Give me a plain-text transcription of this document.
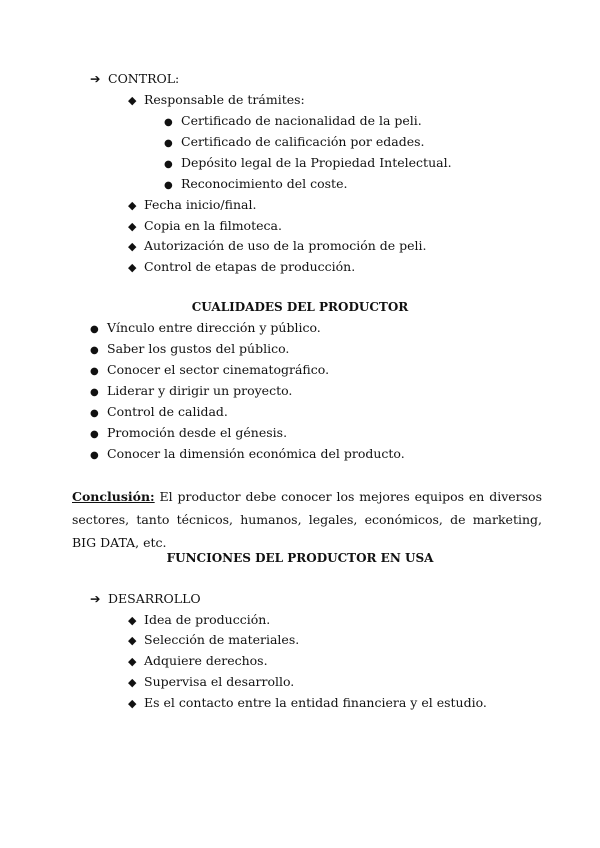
➔ CONTROL:
◆ Responsable de trámites:
● Certificado de nacionalidad de la peli.
● Certificado de calificación por edades.
● Depósito legal de la Propiedad Intelectual.
● Reconocimiento del coste.
◆ Fecha inicio/final.
◆ Copia en la filmoteca.
◆ Autorización de uso de la promoción de peli.
◆ Control de etapas de producción.
CUALIDADES DEL PRODUCTOR
● Vínculo entre dirección y público.
● Saber los gustos del público.
● Conocer el sector cinematográfico.
● Liderar y dirigir un proyecto.
● Control de calidad.
● Promoción desde el génesis.
● Conocer la dimensión económica del producto.
Conclusión: El productor debe conocer los mejores equipos en diversos sectores, tanto técnicos, humanos, legales, económicos, de marketing, BIG DATA, etc.
FUNCIONES DEL PRODUCTOR EN USA
➔ DESARROLLO
◆ Idea de producción.
◆ Selección de materiales.
◆ Adquiere derechos.
◆ Supervisa el desarrollo.
◆ Es el contacto entre la entidad financiera y el estudio.
